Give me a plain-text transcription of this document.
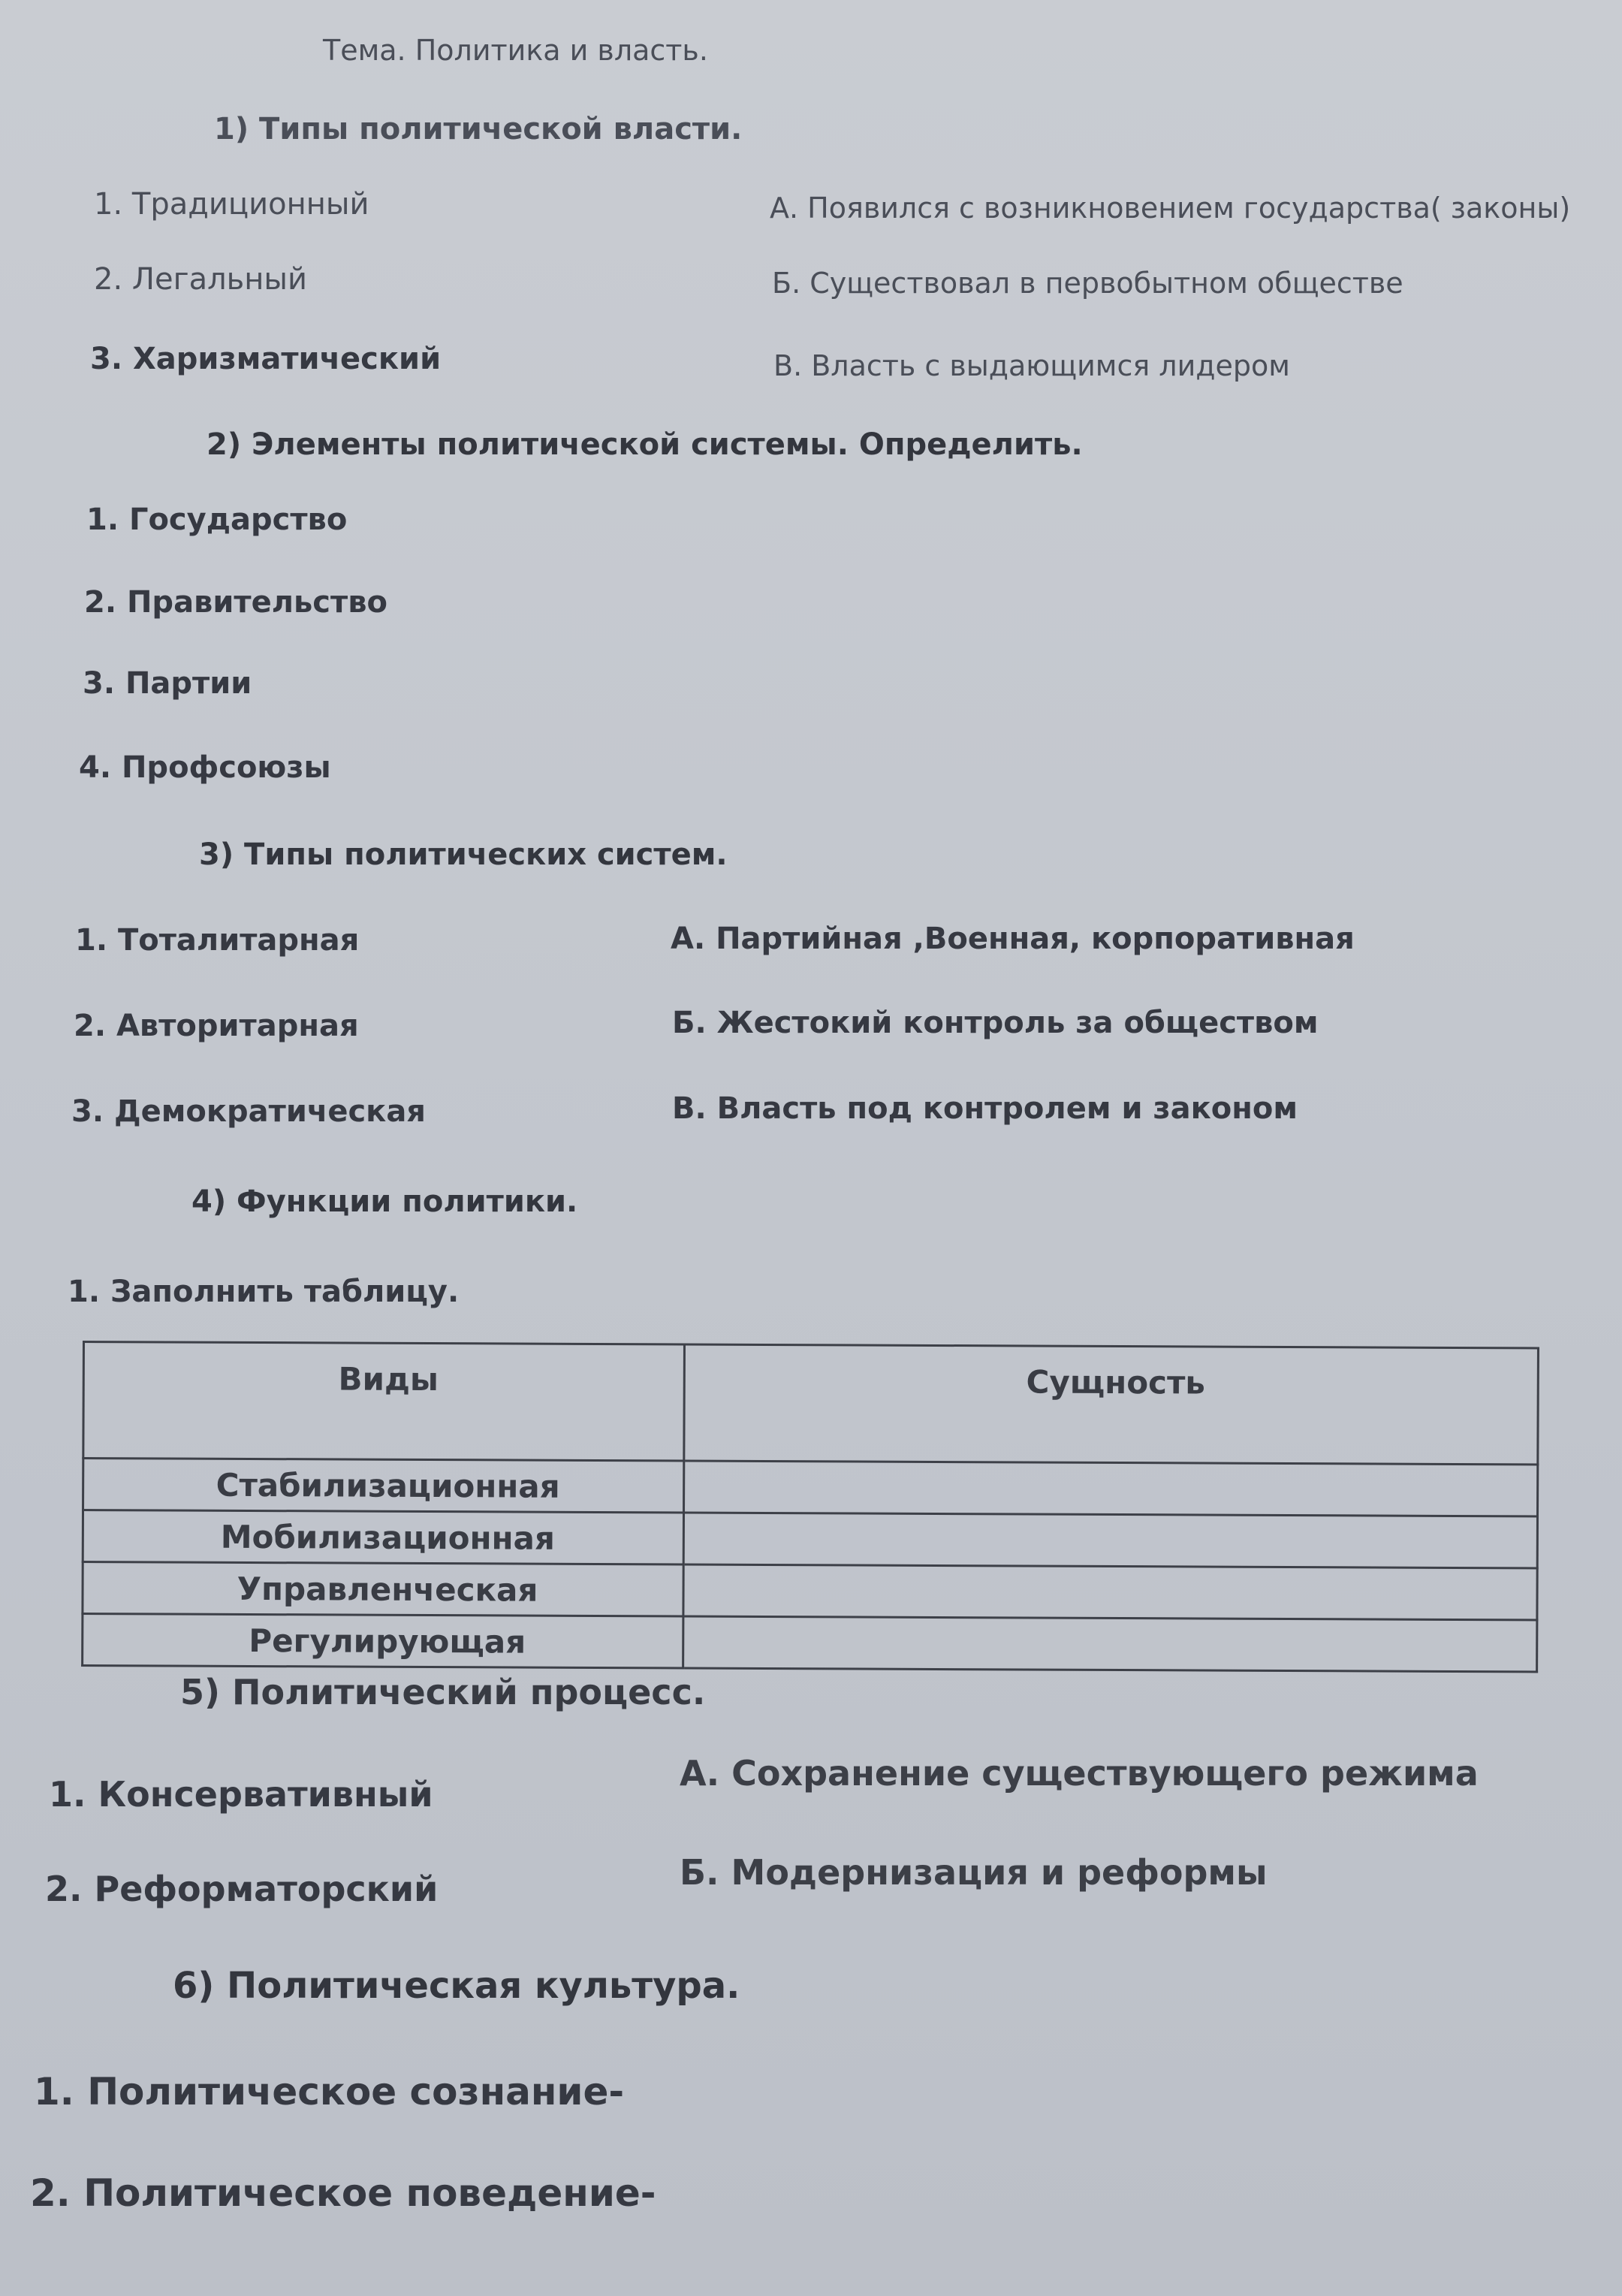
Тема. Политика и власть.
1) Типы политической власти.
1. Традиционный
2. Легальный
3. Харизматический
А. Появился с возникновением государства( законы)
Б. Существовал в первобытном обществе
В. Власть с выдающимся лидером
2) Элементы политической системы. Определить.
1. Государство
2. Правительство
3. Партии
4. Профсоюзы
3) Типы политических систем.
1. Тоталитарная
2. Авторитарная
3. Демократическая
А. Партийная ,Военная, корпоративная
Б. Жестокий контроль за обществом
В. Власть под контролем и законом
4) Функции политики.
1. Заполнить таблицу.
Виды	Сущность
Стабилизационная	
Мобилизационная	
Управленческая	
Регулирующая	
5) Политический процесс.
1. Консервативный
2. Реформаторский
А. Сохранение существующего режима
Б. Модернизация и реформы
6) Политическая культура.
1. Политическое сознание-
2. Политическое поведение-
